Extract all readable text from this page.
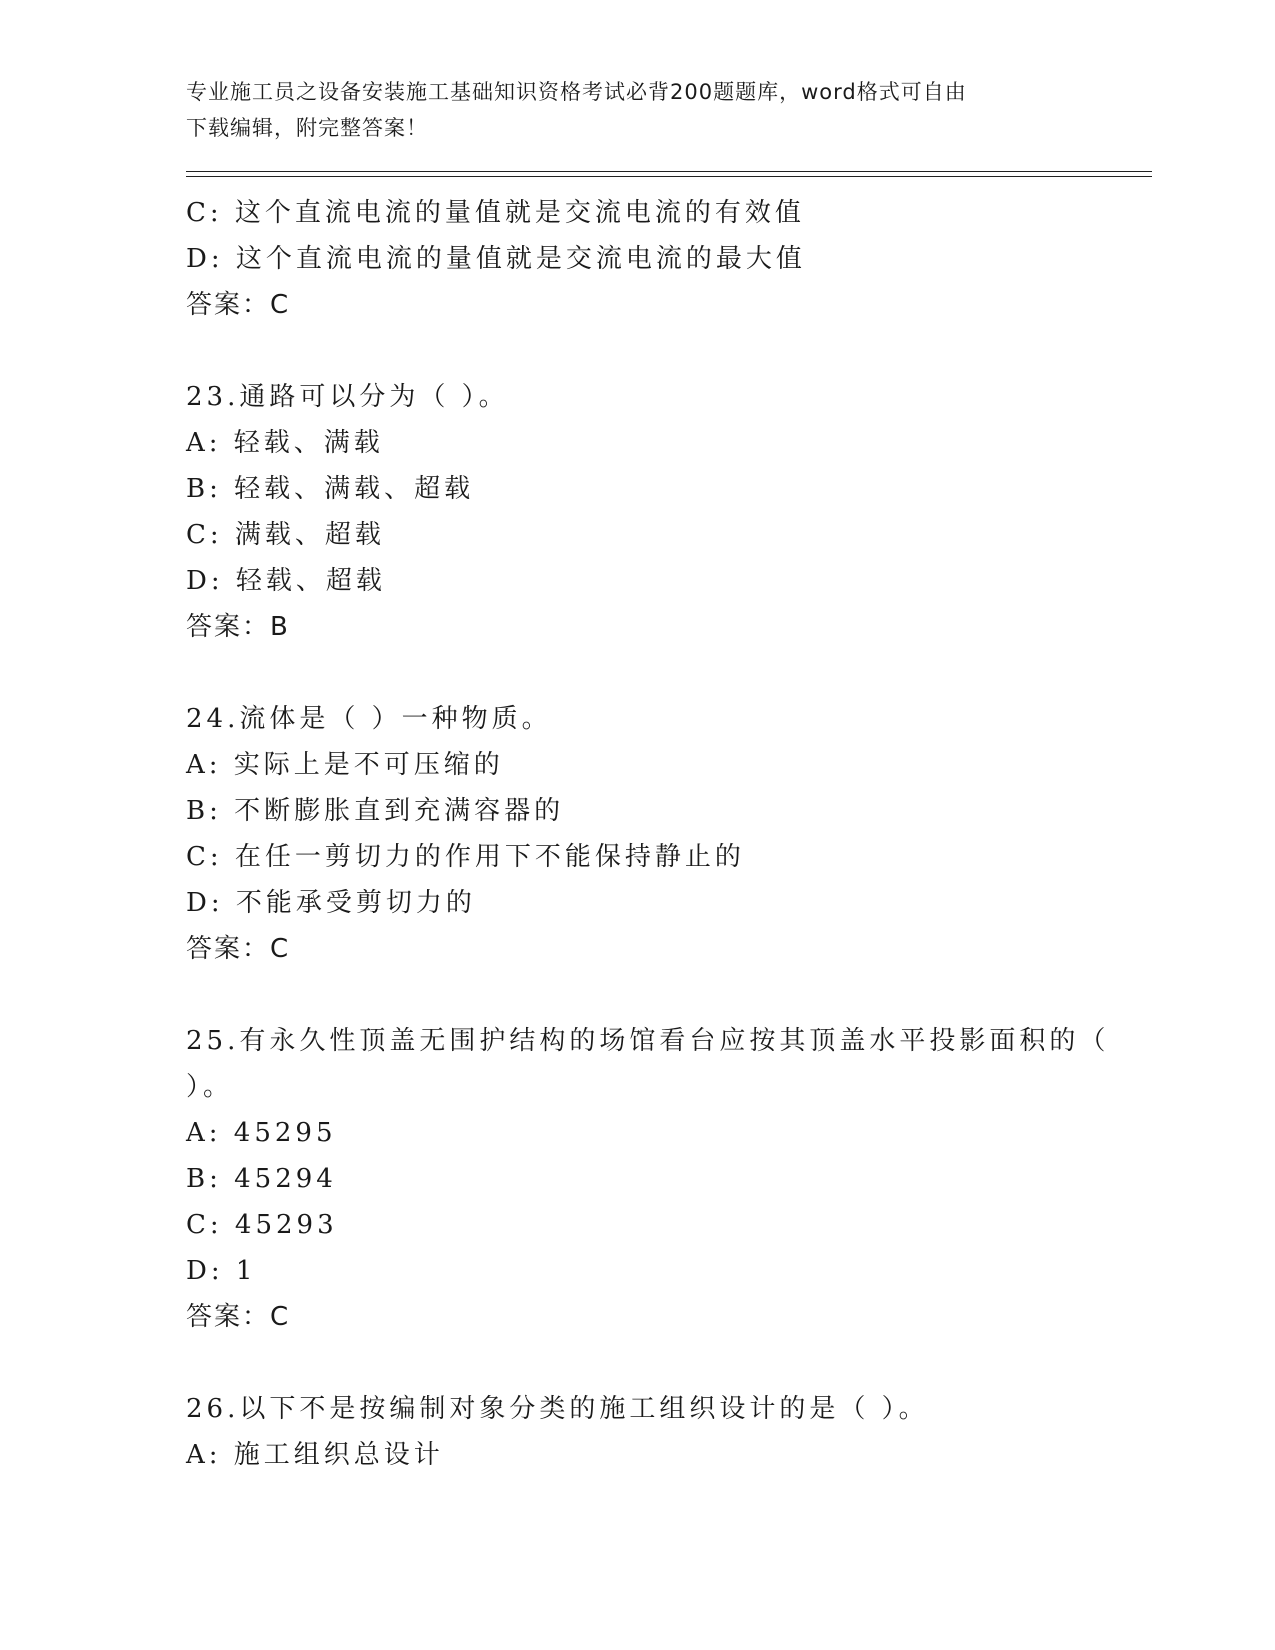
专业施工员之设备安装施工基础知识资格考试必背200题题库，word格式可自由
下载编辑，附完整答案！
C: 这个直流电流的量值就是交流电流的有效值
D: 这个直流电流的量值就是交流电流的最大值
答案：C
23.通路可以分为（ ）。
A: 轻载、满载
B: 轻载、满载、超载
C: 满载、超载
D: 轻载、超载
答案：B
24.流体是（ ）一种物质。
A: 实际上是不可压缩的
B: 不断膨胀直到充满容器的
C: 在任一剪切力的作用下不能保持静止的
D: 不能承受剪切力的
答案：C
25.有永久性顶盖无围护结构的场馆看台应按其顶盖水平投影面积的（
）。
A: 45295
B: 45294
C: 45293
D: 1
答案：C
26.以下不是按编制对象分类的施工组织设计的是（ ）。
A: 施工组织总设计
